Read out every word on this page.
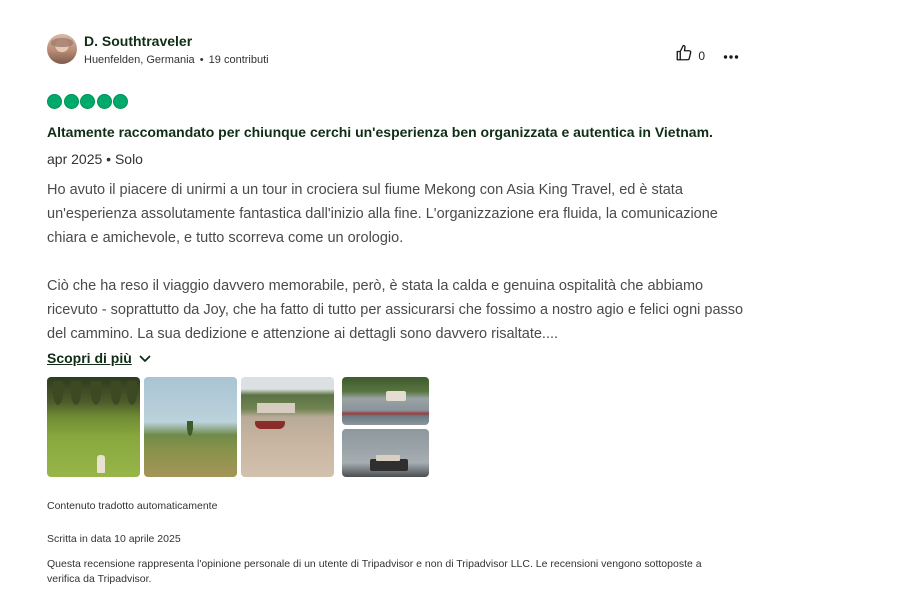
D. Southtraveler
Huenfelden, Germania • 19 contributi	0
Altamente raccomandato per chiunque cerchi un'esperienza ben organizzata e autentica in Vietnam.
apr 2025 • Solo

Ho avuto il piacere di unirmi a un tour in crociera sul fiume Mekong con Asia King Travel, ed è stata un'esperienza assolutamente fantastica dall'inizio alla fine. L'organizzazione era fluida, la comunicazione chiara e amichevole, e tutto scorreva come un orologio.

Ciò che ha reso il viaggio davvero memorabile, però, è stata la calda e genuina ospitalità che abbiamo ricevuto - soprattutto da Joy, che ha fatto di tutto per assicurarsi che fossimo a nostro agio e felici ogni passo del cammino. La sua dedizione e attenzione ai dettagli sono davvero risaltate....

Scopri di più
Contenuto tradotto automaticamente
Scritta in data 10 aprile 2025
Questa recensione rappresenta l'opinione personale di un utente di Tripadvisor e non di Tripadvisor LLC. Le recensioni vengono sottoposte a verifica da Tripadvisor.
